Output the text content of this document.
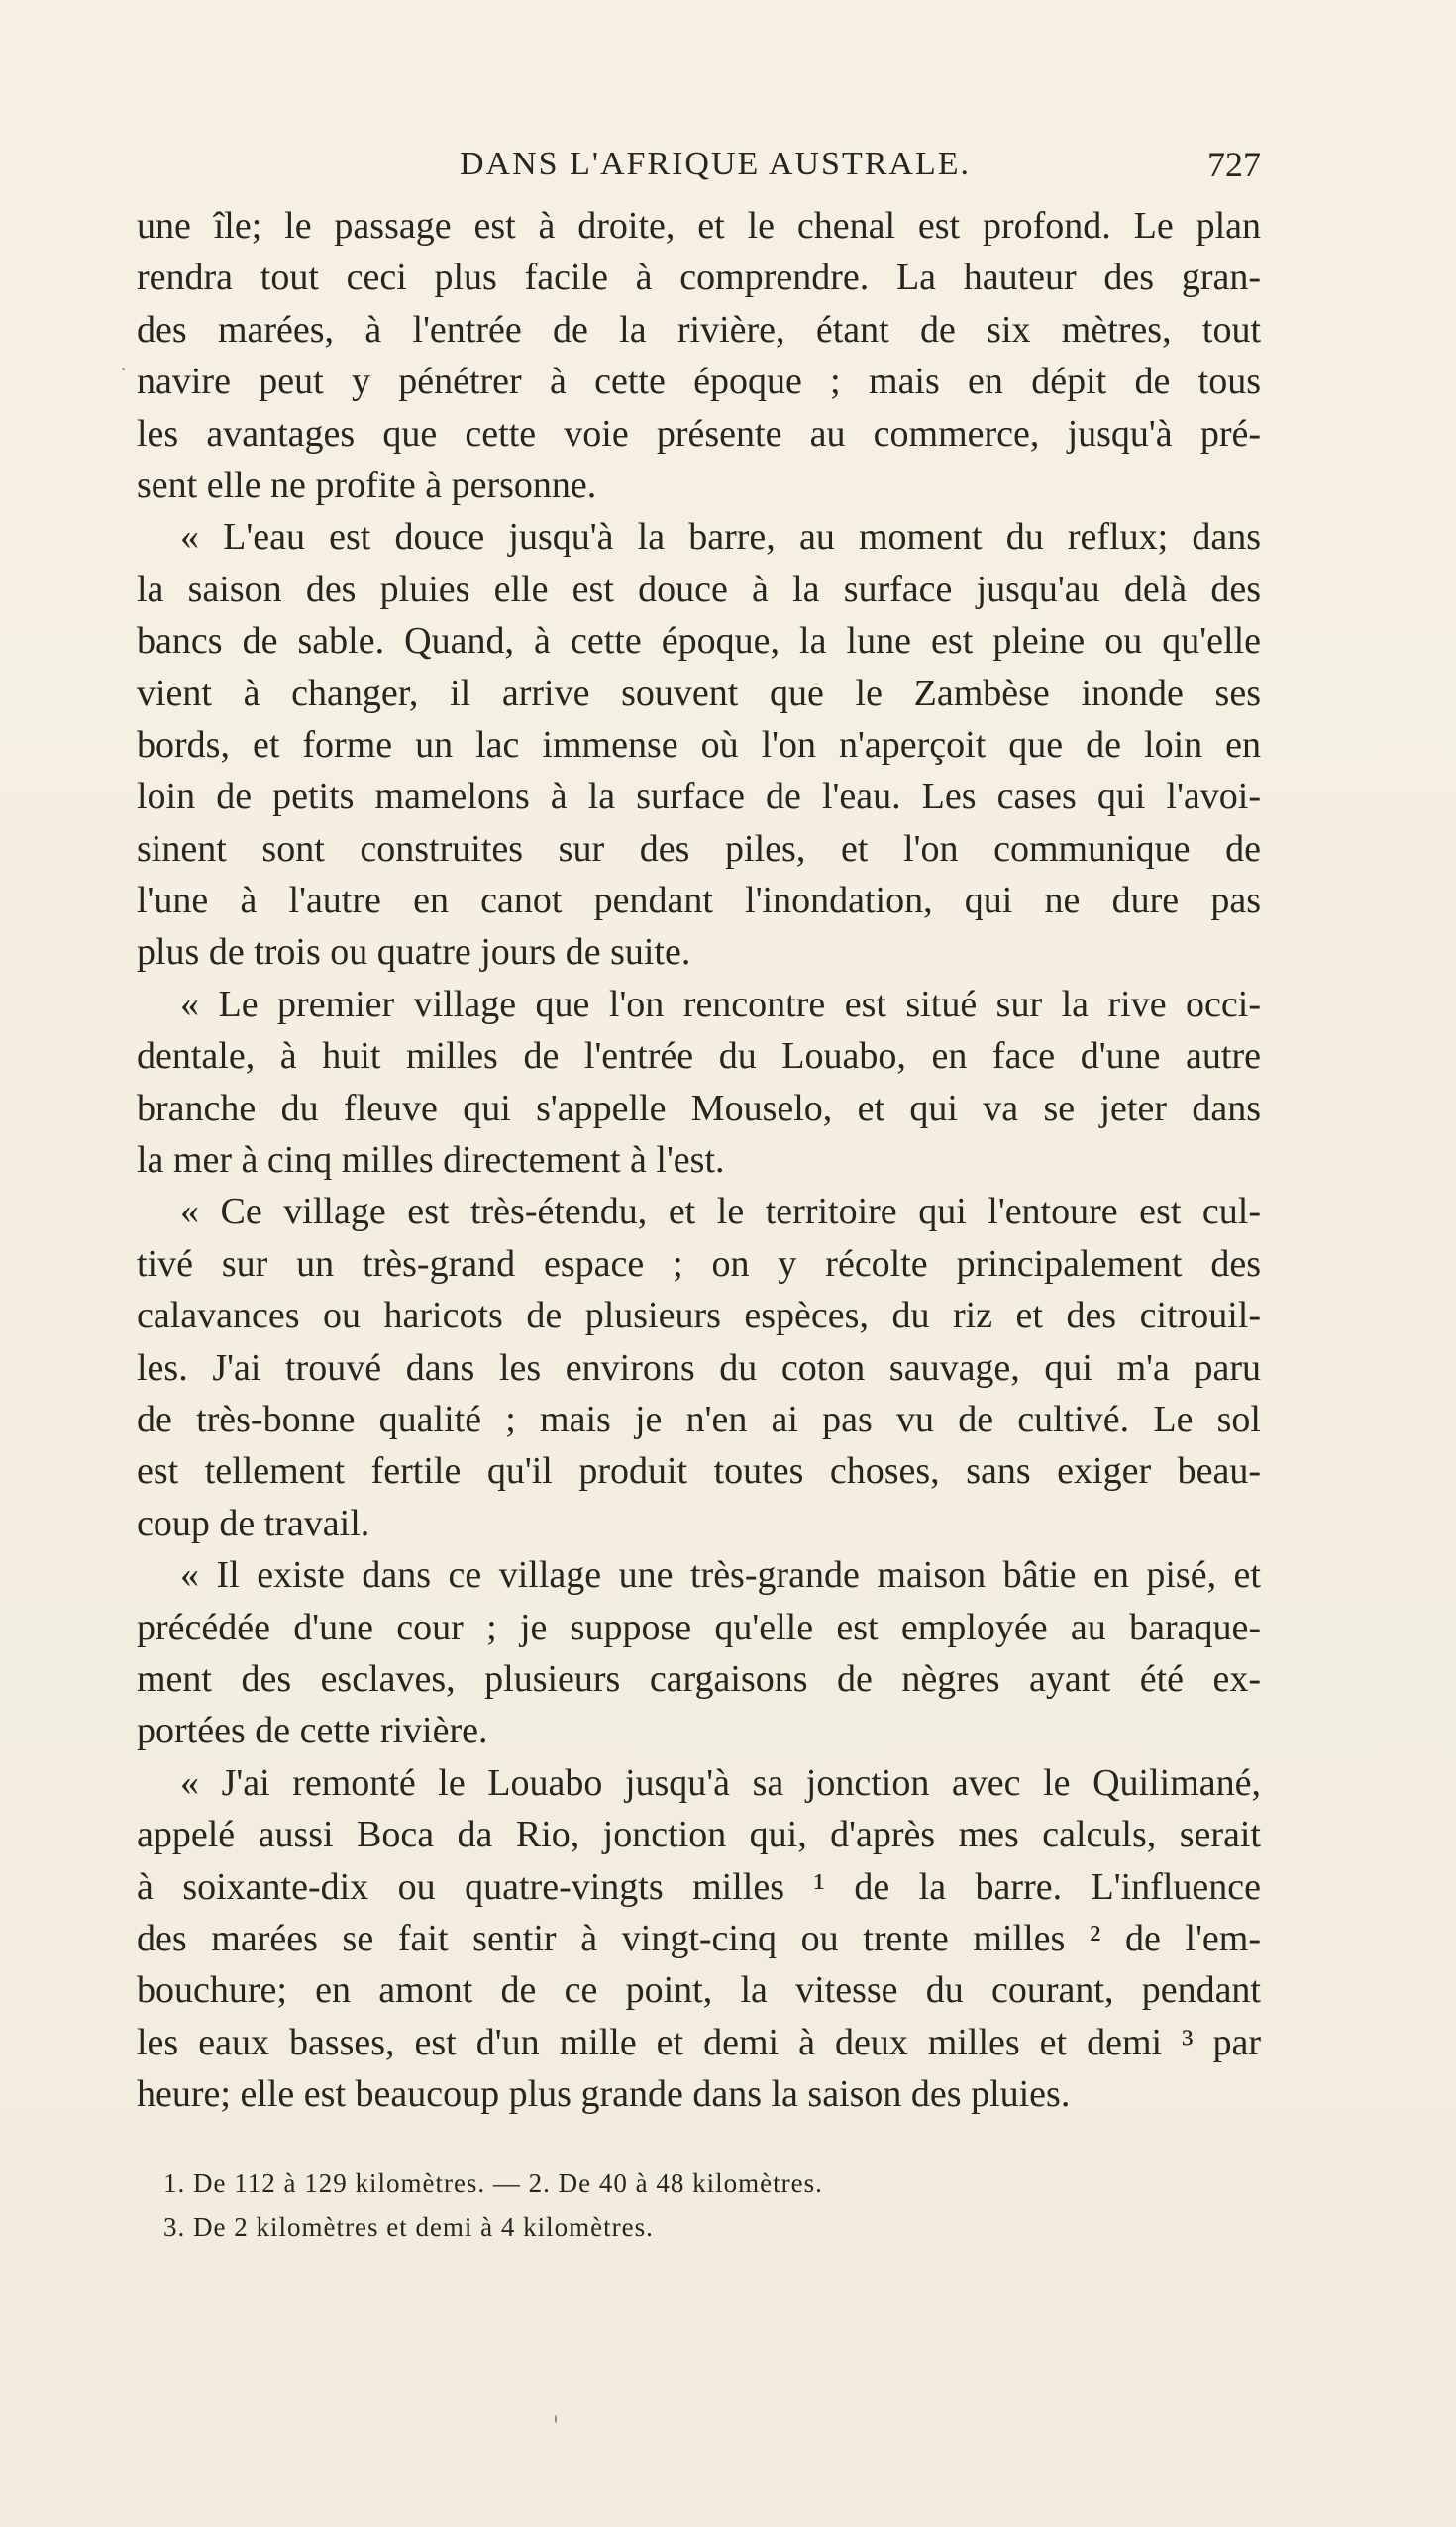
DANS L'AFRIQUE AUSTRALE.	727
une île; le passage est à droite, et le chenal est profond. Le plan
rendra tout ceci plus facile à comprendre. La hauteur des gran-
des marées, à l'entrée de la rivière, étant de six mètres, tout
navire peut y pénétrer à cette époque ; mais en dépit de tous
les avantages que cette voie présente au commerce, jusqu'à pré-
sent elle ne profite à personne.
« L'eau est douce jusqu'à la barre, au moment du reflux; dans
la saison des pluies elle est douce à la surface jusqu'au delà des
bancs de sable. Quand, à cette époque, la lune est pleine ou qu'elle
vient à changer, il arrive souvent que le Zambèse inonde ses
bords, et forme un lac immense où l'on n'aperçoit que de loin en
loin de petits mamelons à la surface de l'eau. Les cases qui l'avoi-
sinent sont construites sur des piles, et l'on communique de
l'une à l'autre en canot pendant l'inondation, qui ne dure pas
plus de trois ou quatre jours de suite.
« Le premier village que l'on rencontre est situé sur la rive occi-
dentale, à huit milles de l'entrée du Louabo, en face d'une autre
branche du fleuve qui s'appelle Mouselo, et qui va se jeter dans
la mer à cinq milles directement à l'est.
« Ce village est très-étendu, et le territoire qui l'entoure est cul-
tivé sur un très-grand espace ; on y récolte principalement des
calavances ou haricots de plusieurs espèces, du riz et des citrouil-
les. J'ai trouvé dans les environs du coton sauvage, qui m'a paru
de très-bonne qualité ; mais je n'en ai pas vu de cultivé. Le sol
est tellement fertile qu'il produit toutes choses, sans exiger beau-
coup de travail.
« Il existe dans ce village une très-grande maison bâtie en pisé, et
précédée d'une cour ; je suppose qu'elle est employée au baraque-
ment des esclaves, plusieurs cargaisons de nègres ayant été ex-
portées de cette rivière.
« J'ai remonté le Louabo jusqu'à sa jonction avec le Quilimané,
appelé aussi Boca da Rio, jonction qui, d'après mes calculs, serait
à soixante-dix ou quatre-vingts milles ¹ de la barre. L'influence
des marées se fait sentir à vingt-cinq ou trente milles ² de l'em-
bouchure; en amont de ce point, la vitesse du courant, pendant
les eaux basses, est d'un mille et demi à deux milles et demi ³ par
heure; elle est beaucoup plus grande dans la saison des pluies.
1. De 112 à 129 kilomètres. — 2. De 40 à 48 kilomètres.
3. De 2 kilomètres et demi à 4 kilomètres.
